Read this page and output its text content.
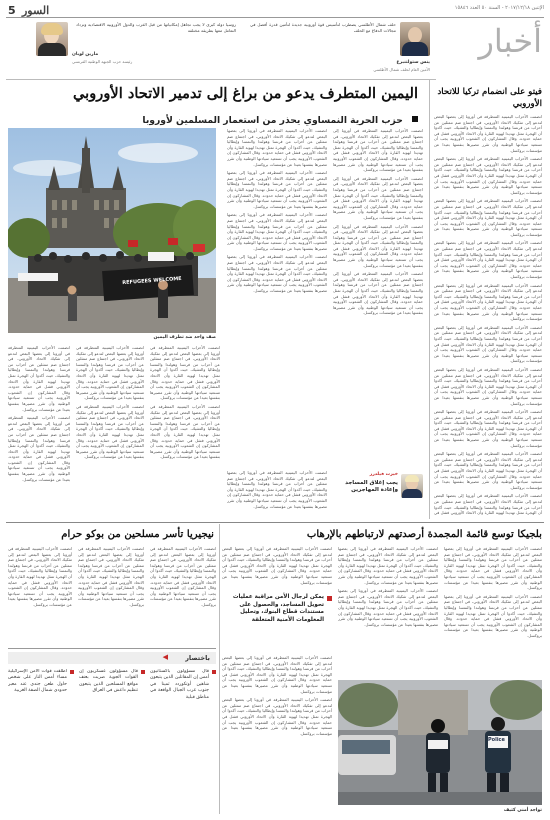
5 السور	الإثنين ٢٠١٧/١٢/١٨ - السنة ٥٠ العدد ١٥٨٤٦
أخبار
حلف شمال الأطلسي يضطرب لتأسيس قوة أوروبية جديدة لتأمين قدرة أفضل في مجالات الدفاع مع الحلف
ينس ستولتنبرغ
الأمين العام لحلف شمال الأطلسي
روسيا دولة كبرى لا يجب تجاهل إمكانياتها من قبل الغرب والدول الأوروبية الاقتصادية وتزداد التعامل معها بطريقة مختلفة
مارين لوبان
رئيسة حزب الجبهة الوطنية الفرنسي
اليمين المتطرف يدعو من براغ إلى تدمير الاتحاد الأوروبي
حزب الحرية النمساوي يحذر من استعمار المسلمين لأوروبا
REFUGEES WELCOME
صف واحد ضد تطرف اليمين

انضمت الأحزاب اليمينية المتطرفة في أوروبا إلى بعضها البعض لتدعو إلى تفكيك الاتحاد الأوروبي، في اجتماع ضم ممثلين عن أحزاب من فرنسا وهولندا والنمسا وإيطاليا والتشيك، حيث أكدوا أن الهجرة تمثل تهديدا لهوية القارة وأن الاتحاد الأوروبي فشل في حماية حدوده. وقال المشاركون إن الشعوب الأوروبية يجب أن تستعيد سيادتها الوطنية وأن تقرر مصيرها بنفسها بعيدا عن مؤسسات بروكسل.

انضمت الأحزاب اليمينية المتطرفة في أوروبا إلى بعضها البعض لتدعو إلى تفكيك الاتحاد الأوروبي، في اجتماع ضم ممثلين عن أحزاب من فرنسا وهولندا والنمسا وإيطاليا والتشيك، حيث أكدوا أن الهجرة تمثل تهديدا لهوية القارة وأن الاتحاد الأوروبي فشل في حماية حدوده. وقال المشاركون إن الشعوب الأوروبية يجب أن تستعيد سيادتها الوطنية وأن تقرر مصيرها بنفسها بعيدا عن مؤسسات بروكسل.

انضمت الأحزاب اليمينية المتطرفة في أوروبا إلى بعضها البعض لتدعو إلى تفكيك الاتحاد الأوروبي، في اجتماع ضم ممثلين عن أحزاب من فرنسا وهولندا والنمسا وإيطاليا والتشيك، حيث أكدوا أن الهجرة تمثل تهديدا لهوية القارة وأن الاتحاد الأوروبي فشل في حماية حدوده. وقال المشاركون إن الشعوب الأوروبية يجب أن تستعيد سيادتها الوطنية وأن تقرر مصيرها بنفسها بعيدا عن مؤسسات بروكسل.

انضمت الأحزاب اليمينية المتطرفة في أوروبا إلى بعضها البعض لتدعو إلى تفكيك الاتحاد الأوروبي، في اجتماع ضم ممثلين عن أحزاب من فرنسا وهولندا والنمسا وإيطاليا والتشيك، حيث أكدوا أن الهجرة تمثل تهديدا لهوية القارة وأن الاتحاد الأوروبي فشل في حماية حدوده. وقال المشاركون إن الشعوب الأوروبية يجب أن تستعيد سيادتها الوطنية وأن تقرر مصيرها بنفسها بعيدا عن مؤسسات بروكسل.

انضمت الأحزاب اليمينية المتطرفة في أوروبا إلى بعضها البعض لتدعو إلى تفكيك الاتحاد الأوروبي، في اجتماع ضم ممثلين عن أحزاب من فرنسا وهولندا والنمسا وإيطاليا والتشيك، حيث أكدوا أن الهجرة تمثل تهديدا لهوية القارة وأن الاتحاد الأوروبي فشل في حماية حدوده. وقال المشاركون إن الشعوب الأوروبية يجب أن تستعيد سيادتها الوطنية وأن تقرر مصيرها بنفسها بعيدا عن مؤسسات بروكسل.

انضمت الأحزاب اليمينية المتطرفة في أوروبا إلى بعضها البعض لتدعو إلى تفكيك الاتحاد الأوروبي، في اجتماع ضم ممثلين عن أحزاب من فرنسا وهولندا والنمسا وإيطاليا والتشيك، حيث أكدوا أن الهجرة تمثل تهديدا لهوية القارة وأن الاتحاد الأوروبي فشل في حماية حدوده. وقال المشاركون إن الشعوب الأوروبية يجب أن تستعيد سيادتها الوطنية وأن تقرر مصيرها بنفسها بعيدا عن مؤسسات بروكسل.

انضمت الأحزاب اليمينية المتطرفة في أوروبا إلى بعضها البعض لتدعو إلى تفكيك الاتحاد الأوروبي، في اجتماع ضم ممثلين عن أحزاب من فرنسا وهولندا والنمسا وإيطاليا والتشيك، حيث أكدوا أن الهجرة تمثل تهديدا لهوية القارة وأن الاتحاد الأوروبي فشل في حماية حدوده. وقال المشاركون إن الشعوب الأوروبية يجب أن تستعيد سيادتها الوطنية وأن تقرر مصيرها بنفسها بعيدا عن مؤسسات بروكسل.

انضمت الأحزاب اليمينية المتطرفة في أوروبا إلى بعضها البعض لتدعو إلى تفكيك الاتحاد الأوروبي، في اجتماع ضم ممثلين عن أحزاب من فرنسا وهولندا والنمسا وإيطاليا والتشيك، حيث أكدوا أن الهجرة تمثل تهديدا لهوية القارة وأن الاتحاد الأوروبي فشل في حماية حدوده. وقال المشاركون إن الشعوب الأوروبية يجب أن تستعيد سيادتها الوطنية وأن تقرر مصيرها بنفسها بعيدا عن مؤسسات بروكسل.

انضمت الأحزاب اليمينية المتطرفة في أوروبا إلى بعضها البعض لتدعو إلى تفكيك الاتحاد الأوروبي، في اجتماع ضم ممثلين عن أحزاب من فرنسا وهولندا والنمسا وإيطاليا والتشيك، حيث أكدوا أن الهجرة تمثل تهديدا لهوية القارة وأن الاتحاد الأوروبي فشل في حماية حدوده. وقال المشاركون إن الشعوب الأوروبية يجب أن تستعيد سيادتها الوطنية وأن تقرر مصيرها بنفسها بعيدا عن مؤسسات بروكسل.

انضمت الأحزاب اليمينية المتطرفة في أوروبا إلى بعضها البعض لتدعو إلى تفكيك الاتحاد الأوروبي، في اجتماع ضم ممثلين عن أحزاب من فرنسا وهولندا والنمسا وإيطاليا والتشيك، حيث أكدوا أن الهجرة تمثل تهديدا لهوية القارة وأن الاتحاد الأوروبي فشل في حماية حدوده. وقال المشاركون إن الشعوب الأوروبية يجب أن تستعيد سيادتها الوطنية وأن تقرر مصيرها بنفسها بعيدا عن مؤسسات بروكسل.

انضمت الأحزاب اليمينية المتطرفة في أوروبا إلى بعضها البعض لتدعو إلى تفكيك الاتحاد الأوروبي، في اجتماع ضم ممثلين عن أحزاب من فرنسا وهولندا والنمسا وإيطاليا والتشيك، حيث أكدوا أن الهجرة تمثل تهديدا لهوية القارة وأن الاتحاد الأوروبي فشل في حماية حدوده. وقال المشاركون إن الشعوب الأوروبية يجب أن تستعيد سيادتها الوطنية وأن تقرر مصيرها بنفسها بعيدا عن مؤسسات بروكسل.

انضمت الأحزاب اليمينية المتطرفة في أوروبا إلى بعضها البعض لتدعو إلى تفكيك الاتحاد الأوروبي، في اجتماع ضم ممثلين عن أحزاب من فرنسا وهولندا والنمسا وإيطاليا والتشيك، حيث أكدوا أن الهجرة تمثل تهديدا لهوية القارة وأن الاتحاد الأوروبي فشل في حماية حدوده. وقال المشاركون إن الشعوب الأوروبية يجب أن تستعيد سيادتها الوطنية وأن تقرر مصيرها بنفسها بعيدا عن مؤسسات بروكسل.

انضمت الأحزاب اليمينية المتطرفة في أوروبا إلى بعضها البعض لتدعو إلى تفكيك الاتحاد الأوروبي، في اجتماع ضم ممثلين عن أحزاب من فرنسا وهولندا والنمسا وإيطاليا والتشيك، حيث أكدوا أن الهجرة تمثل تهديدا لهوية القارة وأن الاتحاد الأوروبي فشل في حماية حدوده. وقال المشاركون إن الشعوب الأوروبية يجب أن تستعيد سيادتها الوطنية وأن تقرر مصيرها بنفسها بعيدا عن مؤسسات بروكسل.

انضمت الأحزاب اليمينية المتطرفة في أوروبا إلى بعضها البعض لتدعو إلى تفكيك الاتحاد الأوروبي، في اجتماع ضم ممثلين عن أحزاب من فرنسا وهولندا والنمسا وإيطاليا والتشيك، حيث أكدوا أن الهجرة تمثل تهديدا لهوية القارة وأن الاتحاد الأوروبي فشل في حماية حدوده. وقال المشاركون إن الشعوب الأوروبية يجب أن تستعيد سيادتها الوطنية وأن تقرر مصيرها بنفسها بعيدا عن مؤسسات بروكسل.

خيرت فيلدرز
يجب إغلاق المساجد وإعادة المهاجرين

انضمت الأحزاب اليمينية المتطرفة في أوروبا إلى بعضها البعض لتدعو إلى تفكيك الاتحاد الأوروبي، في اجتماع ضم ممثلين عن أحزاب من فرنسا وهولندا والنمسا وإيطاليا والتشيك، حيث أكدوا أن الهجرة تمثل تهديدا لهوية القارة وأن الاتحاد الأوروبي فشل في حماية حدوده. وقال المشاركون إن الشعوب الأوروبية يجب أن تستعيد سيادتها الوطنية وأن تقرر مصيرها بنفسها بعيدا عن مؤسسات بروكسل.

فيتو على انضمام تركيا للاتحاد الأوروبي

انضمت الأحزاب اليمينية المتطرفة في أوروبا إلى بعضها البعض لتدعو إلى تفكيك الاتحاد الأوروبي، في اجتماع ضم ممثلين عن أحزاب من فرنسا وهولندا والنمسا وإيطاليا والتشيك، حيث أكدوا أن الهجرة تمثل تهديدا لهوية القارة وأن الاتحاد الأوروبي فشل في حماية حدوده. وقال المشاركون إن الشعوب الأوروبية يجب أن تستعيد سيادتها الوطنية وأن تقرر مصيرها بنفسها بعيدا عن مؤسسات بروكسل.

انضمت الأحزاب اليمينية المتطرفة في أوروبا إلى بعضها البعض لتدعو إلى تفكيك الاتحاد الأوروبي، في اجتماع ضم ممثلين عن أحزاب من فرنسا وهولندا والنمسا وإيطاليا والتشيك، حيث أكدوا أن الهجرة تمثل تهديدا لهوية القارة وأن الاتحاد الأوروبي فشل في حماية حدوده. وقال المشاركون إن الشعوب الأوروبية يجب أن تستعيد سيادتها الوطنية وأن تقرر مصيرها بنفسها بعيدا عن مؤسسات بروكسل.

انضمت الأحزاب اليمينية المتطرفة في أوروبا إلى بعضها البعض لتدعو إلى تفكيك الاتحاد الأوروبي، في اجتماع ضم ممثلين عن أحزاب من فرنسا وهولندا والنمسا وإيطاليا والتشيك، حيث أكدوا أن الهجرة تمثل تهديدا لهوية القارة وأن الاتحاد الأوروبي فشل في حماية حدوده. وقال المشاركون إن الشعوب الأوروبية يجب أن تستعيد سيادتها الوطنية وأن تقرر مصيرها بنفسها بعيدا عن مؤسسات بروكسل.

انضمت الأحزاب اليمينية المتطرفة في أوروبا إلى بعضها البعض لتدعو إلى تفكيك الاتحاد الأوروبي، في اجتماع ضم ممثلين عن أحزاب من فرنسا وهولندا والنمسا وإيطاليا والتشيك، حيث أكدوا أن الهجرة تمثل تهديدا لهوية القارة وأن الاتحاد الأوروبي فشل في حماية حدوده. وقال المشاركون إن الشعوب الأوروبية يجب أن تستعيد سيادتها الوطنية وأن تقرر مصيرها بنفسها بعيدا عن مؤسسات بروكسل.

انضمت الأحزاب اليمينية المتطرفة في أوروبا إلى بعضها البعض لتدعو إلى تفكيك الاتحاد الأوروبي، في اجتماع ضم ممثلين عن أحزاب من فرنسا وهولندا والنمسا وإيطاليا والتشيك، حيث أكدوا أن الهجرة تمثل تهديدا لهوية القارة وأن الاتحاد الأوروبي فشل في حماية حدوده. وقال المشاركون إن الشعوب الأوروبية يجب أن تستعيد سيادتها الوطنية وأن تقرر مصيرها بنفسها بعيدا عن مؤسسات بروكسل.

انضمت الأحزاب اليمينية المتطرفة في أوروبا إلى بعضها البعض لتدعو إلى تفكيك الاتحاد الأوروبي، في اجتماع ضم ممثلين عن أحزاب من فرنسا وهولندا والنمسا وإيطاليا والتشيك، حيث أكدوا أن الهجرة تمثل تهديدا لهوية القارة وأن الاتحاد الأوروبي فشل في حماية حدوده. وقال المشاركون إن الشعوب الأوروبية يجب أن تستعيد سيادتها الوطنية وأن تقرر مصيرها بنفسها بعيدا عن مؤسسات بروكسل.

انضمت الأحزاب اليمينية المتطرفة في أوروبا إلى بعضها البعض لتدعو إلى تفكيك الاتحاد الأوروبي، في اجتماع ضم ممثلين عن أحزاب من فرنسا وهولندا والنمسا وإيطاليا والتشيك، حيث أكدوا أن الهجرة تمثل تهديدا لهوية القارة وأن الاتحاد الأوروبي فشل في حماية حدوده. وقال المشاركون إن الشعوب الأوروبية يجب أن تستعيد سيادتها الوطنية وأن تقرر مصيرها بنفسها بعيدا عن مؤسسات بروكسل.

انضمت الأحزاب اليمينية المتطرفة في أوروبا إلى بعضها البعض لتدعو إلى تفكيك الاتحاد الأوروبي، في اجتماع ضم ممثلين عن أحزاب من فرنسا وهولندا والنمسا وإيطاليا والتشيك، حيث أكدوا أن الهجرة تمثل تهديدا لهوية القارة وأن الاتحاد الأوروبي فشل في حماية حدوده. وقال المشاركون إن الشعوب الأوروبية يجب أن تستعيد سيادتها الوطنية وأن تقرر مصيرها بنفسها بعيدا عن مؤسسات بروكسل.

انضمت الأحزاب اليمينية المتطرفة في أوروبا إلى بعضها البعض لتدعو إلى تفكيك الاتحاد الأوروبي، في اجتماع ضم ممثلين عن أحزاب من فرنسا وهولندا والنمسا وإيطاليا والتشيك، حيث أكدوا أن الهجرة تمثل تهديدا لهوية القارة وأن الاتحاد الأوروبي فشل في حماية حدوده. وقال المشاركون إن الشعوب الأوروبية يجب أن تستعيد سيادتها الوطنية وأن تقرر مصيرها بنفسها بعيدا عن مؤسسات بروكسل.

انضمت الأحزاب اليمينية المتطرفة في أوروبا إلى بعضها البعض لتدعو إلى تفكيك الاتحاد الأوروبي، في اجتماع ضم ممثلين عن أحزاب من فرنسا وهولندا والنمسا وإيطاليا والتشيك، حيث أكدوا أن الهجرة تمثل تهديدا لهوية القارة وأن الاتحاد الأوروبي فشل في

بلجيكا توسع قائمة المجمدة أرصدتهم لارتباطهم بالإرهاب

انضمت الأحزاب اليمينية المتطرفة في أوروبا إلى بعضها البعض لتدعو إلى تفكيك الاتحاد الأوروبي، في اجتماع ضم ممثلين عن أحزاب من فرنسا وهولندا والنمسا وإيطاليا والتشيك، حيث أكدوا أن الهجرة تمثل تهديدا لهوية القارة وأن الاتحاد الأوروبي فشل في حماية حدوده. وقال المشاركون إن الشعوب الأوروبية يجب أن تستعيد سيادتها الوطنية وأن تقرر مصيرها بنفسها بعيدا عن مؤسسات بروكسل.

انضمت الأحزاب اليمينية المتطرفة في أوروبا إلى بعضها البعض لتدعو إلى تفكيك الاتحاد الأوروبي، في اجتماع ضم ممثلين عن أحزاب من فرنسا وهولندا والنمسا وإيطاليا والتشيك، حيث أكدوا أن الهجرة تمثل تهديدا لهوية القارة وأن الاتحاد الأوروبي فشل في حماية حدوده. وقال المشاركون إن الشعوب الأوروبية يجب أن تستعيد سيادتها الوطنية وأن تقرر مصيرها بنفسها بعيدا عن مؤسسات بروكسل.

انضمت الأحزاب اليمينية المتطرفة في أوروبا إلى بعضها البعض لتدعو إلى تفكيك الاتحاد الأوروبي، في اجتماع ضم ممثلين عن أحزاب من فرنسا وهولندا والنمسا وإيطاليا والتشيك، حيث أكدوا أن الهجرة تمثل تهديدا لهوية القارة وأن الاتحاد الأوروبي فشل في حماية حدوده. وقال المشاركون إن الشعوب الأوروبية يجب أن تستعيد سيادتها الوطنية وأن تقرر مصيرها بنفسها بعيدا عن مؤسسات بروكسل.

انضمت الأحزاب اليمينية المتطرفة في أوروبا إلى بعضها البعض لتدعو إلى تفكيك الاتحاد الأوروبي، في اجتماع ضم ممثلين عن أحزاب من فرنسا وهولندا والنمسا وإيطاليا والتشيك، حيث أكدوا أن الهجرة تمثل تهديدا لهوية القارة وأن الاتحاد الأوروبي فشل في حماية حدوده. وقال المشاركون إن الشعوب الأوروبية يجب أن تستعيد سيادتها الوطنية وأن تقرر مصيرها بنفسها بعيدا عن مؤسسات بروكسل.

انضمت الأحزاب اليمينية المتطرفة في أوروبا إلى بعضها البعض لتدعو إلى تفكيك الاتحاد الأوروبي، في اجتماع ضم ممثلين عن أحزاب من فرنسا وهولندا والنمسا وإيطاليا والتشيك، حيث أكدوا أن الهجرة تمثل تهديدا لهوية القارة وأن الاتحاد الأوروبي فشل في حماية حدوده. وقال المشاركون إن الشعوب الأوروبية يجب أن تستعيد سيادتها الوطنية وأن تقرر مصيرها بنفسها بعيدا عن مؤسسات بروكسل.

يمكن لرجال الأمن مراقبة عمليات تحويل المساجد، والحصول على مستندات قطاع البنوك، وتحليل المعلومات الأمنية المتعلقة

انضمت الأحزاب اليمينية المتطرفة في أوروبا إلى بعضها البعض لتدعو إلى تفكيك الاتحاد الأوروبي، في اجتماع ضم ممثلين عن أحزاب من فرنسا وهولندا والنمسا وإيطاليا والتشيك، حيث أكدوا أن الهجرة تمثل تهديدا لهوية القارة وأن الاتحاد الأوروبي فشل في حماية حدوده. وقال المشاركون إن الشعوب الأوروبية يجب أن تستعيد سيادتها الوطنية وأن تقرر مصيرها بنفسها بعيدا عن مؤسسات بروكسل.

انضمت الأحزاب اليمينية المتطرفة في أوروبا إلى بعضها البعض لتدعو إلى تفكيك الاتحاد الأوروبي، في اجتماع ضم ممثلين عن أحزاب من فرنسا وهولندا والنمسا وإيطاليا والتشيك، حيث أكدوا أن الهجرة تمثل تهديدا لهوية القارة وأن الاتحاد الأوروبي فشل في حماية حدوده. وقال المشاركون إن الشعوب الأوروبية يجب أن تستعيد سيادتها الوطنية وأن تقرر مصيرها بنفسها بعيدا عن مؤسسات بروكسل.

Police
تواجد أمني كثيف
نيجيريا تأسر مسلحين من بوكو حرام

انضمت الأحزاب اليمينية المتطرفة في أوروبا إلى بعضها البعض لتدعو إلى تفكيك الاتحاد الأوروبي، في اجتماع ضم ممثلين عن أحزاب من فرنسا وهولندا والنمسا وإيطاليا والتشيك، حيث أكدوا أن الهجرة تمثل تهديدا لهوية القارة وأن الاتحاد الأوروبي فشل في حماية حدوده. وقال المشاركون إن الشعوب الأوروبية يجب أن تستعيد سيادتها الوطنية وأن تقرر مصيرها بنفسها بعيدا عن مؤسسات بروكسل.

انضمت الأحزاب اليمينية المتطرفة في أوروبا إلى بعضها البعض لتدعو إلى تفكيك الاتحاد الأوروبي، في اجتماع ضم ممثلين عن أحزاب من فرنسا وهولندا والنمسا وإيطاليا والتشيك، حيث أكدوا أن الهجرة تمثل تهديدا لهوية القارة وأن الاتحاد الأوروبي فشل في حماية حدوده. وقال المشاركون إن الشعوب الأوروبية يجب أن تستعيد سيادتها الوطنية وأن تقرر مصيرها بنفسها بعيدا عن مؤسسات بروكسل.

انضمت الأحزاب اليمينية المتطرفة في أوروبا إلى بعضها البعض لتدعو إلى تفكيك الاتحاد الأوروبي، في اجتماع ضم ممثلين عن أحزاب من فرنسا وهولندا والنمسا وإيطاليا والتشيك، حيث أكدوا أن الهجرة تمثل تهديدا لهوية القارة وأن الاتحاد الأوروبي فشل في حماية حدوده. وقال المشاركون إن الشعوب الأوروبية يجب أن تستعيد سيادتها الوطنية وأن تقرر مصيرها بنفسها بعيدا عن مؤسسات بروكسل.

باختصار
◀
قال مسؤولون باكستانيون أمس إن المقاتلين الذين يتبعون شاهين أوتكوردد ثمينا في جنوب غرب الجبال الواقعة في مناطق قبلية
قال مسؤولون عسكريون إن القوات الجوية ضربت بعنف مواقع المسلحين الذين يتبعون تنظيم داعش في العراق
أطلقت قوات الأمن الإسرائيلية مساء أمس النار على شخص حاول طعن جندي عند معبر حدودي شمال الضفة الغربية
